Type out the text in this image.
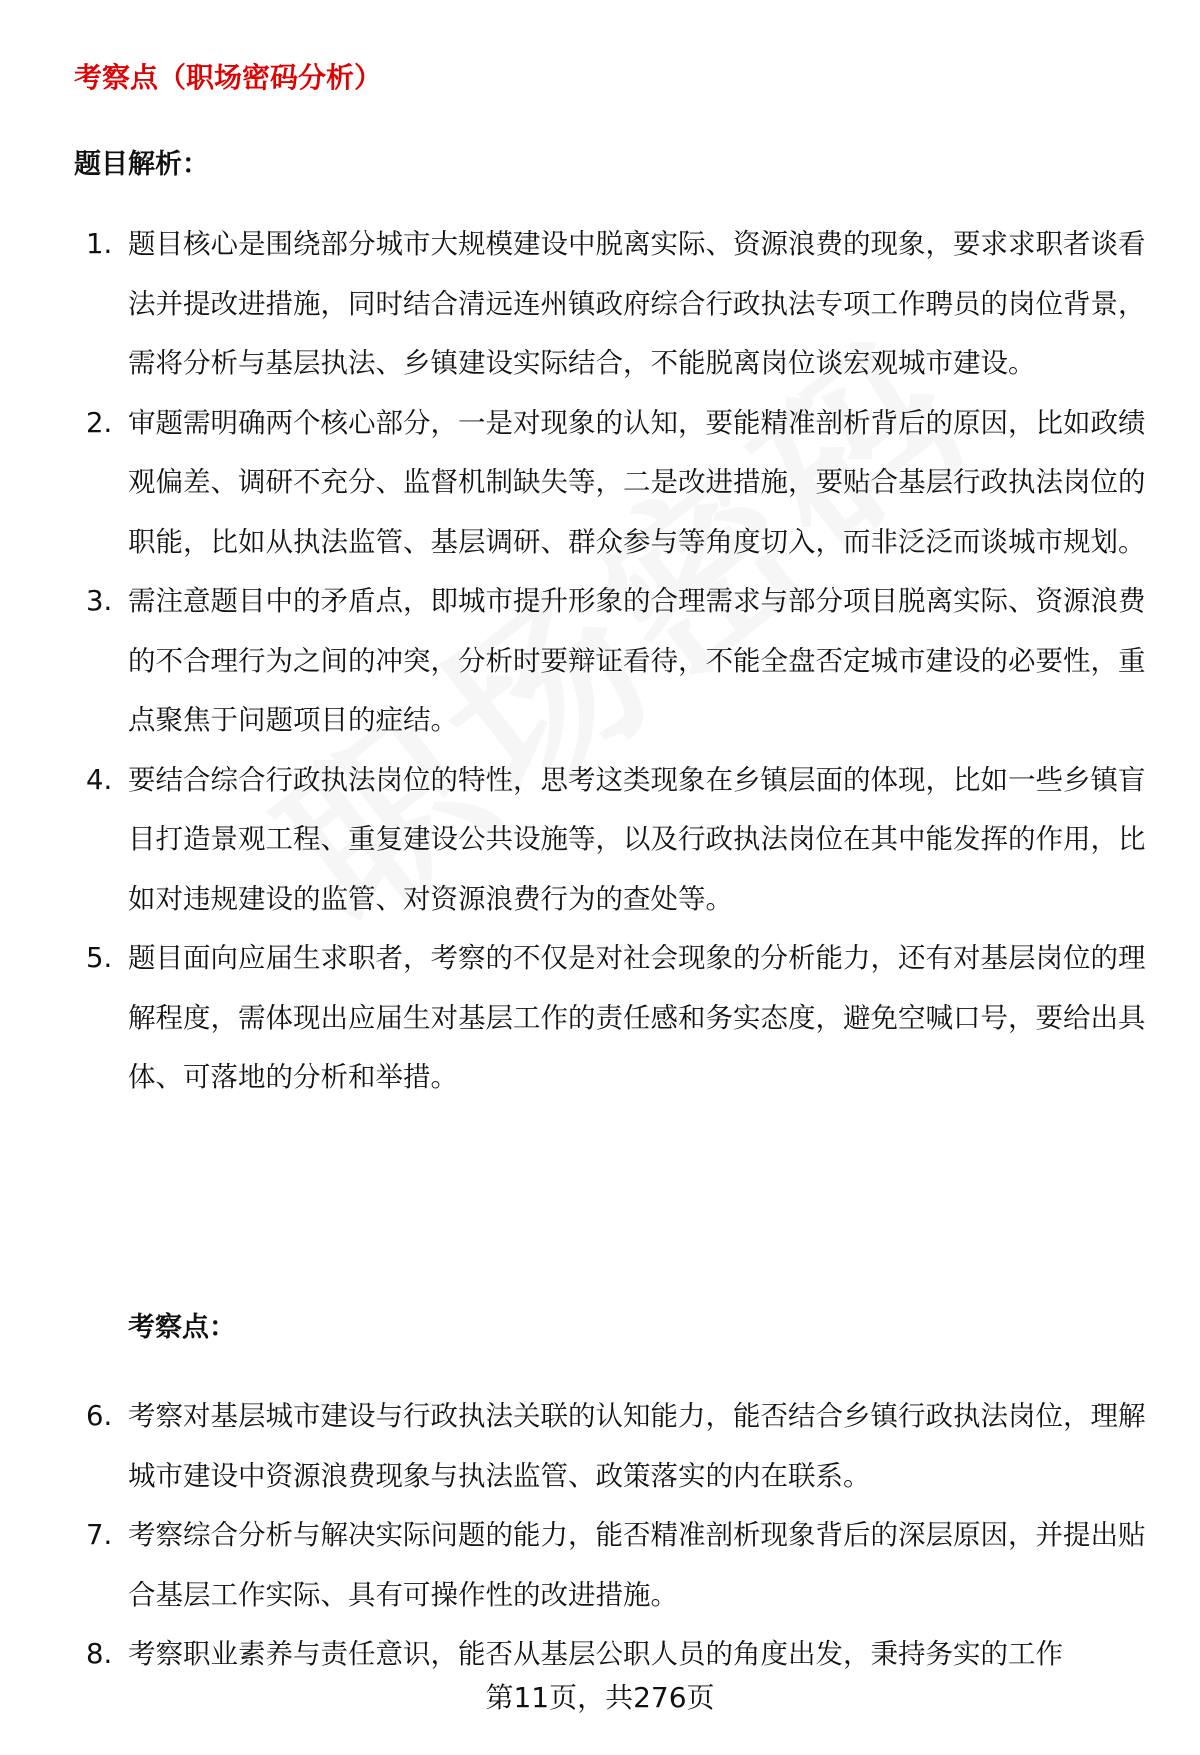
考察点（职场密码分析）
题目解析：
1. 题目核心是围绕部分城市大规模建设中脱离实际、资源浪费的现象，要求求职者谈看法并提改进措施，同时结合清远连州镇政府综合行政执法专项工作聘员的岗位背景，需将分析与基层执法、乡镇建设实际结合，不能脱离岗位谈宏观城市建设。
2. 审题需明确两个核心部分，一是对现象的认知，要能精准剖析背后的原因，比如政绩观偏差、调研不充分、监督机制缺失等，二是改进措施，要贴合基层行政执法岗位的职能，比如从执法监管、基层调研、群众参与等角度切入，而非泛泛而谈城市规划。
3. 需注意题目中的矛盾点，即城市提升形象的合理需求与部分项目脱离实际、资源浪费的不合理行为之间的冲突，分析时要辩证看待，不能全盘否定城市建设的必要性，重点聚焦于问题项目的症结。
4. 要结合综合行政执法岗位的特性，思考这类现象在乡镇层面的体现，比如一些乡镇盲目打造景观工程、重复建设公共设施等，以及行政执法岗位在其中能发挥的作用，比如对违规建设的监管、对资源浪费行为的查处等。
5. 题目面向应届生求职者，考察的不仅是对社会现象的分析能力，还有对基层岗位的理解程度，需体现出应届生对基层工作的责任感和务实态度，避免空喊口号，要给出具体、可落地的分析和举措。
考察点：
6. 考察对基层城市建设与行政执法关联的认知能力，能否结合乡镇行政执法岗位，理解城市建设中资源浪费现象与执法监管、政策落实的内在联系。
7. 考察综合分析与解决实际问题的能力，能否精准剖析现象背后的深层原因，并提出贴合基层工作实际、具有可操作性的改进措施。
8. 考察职业素养与责任意识，能否从基层公职人员的角度出发，秉持务实的工作
第11页，共276页
